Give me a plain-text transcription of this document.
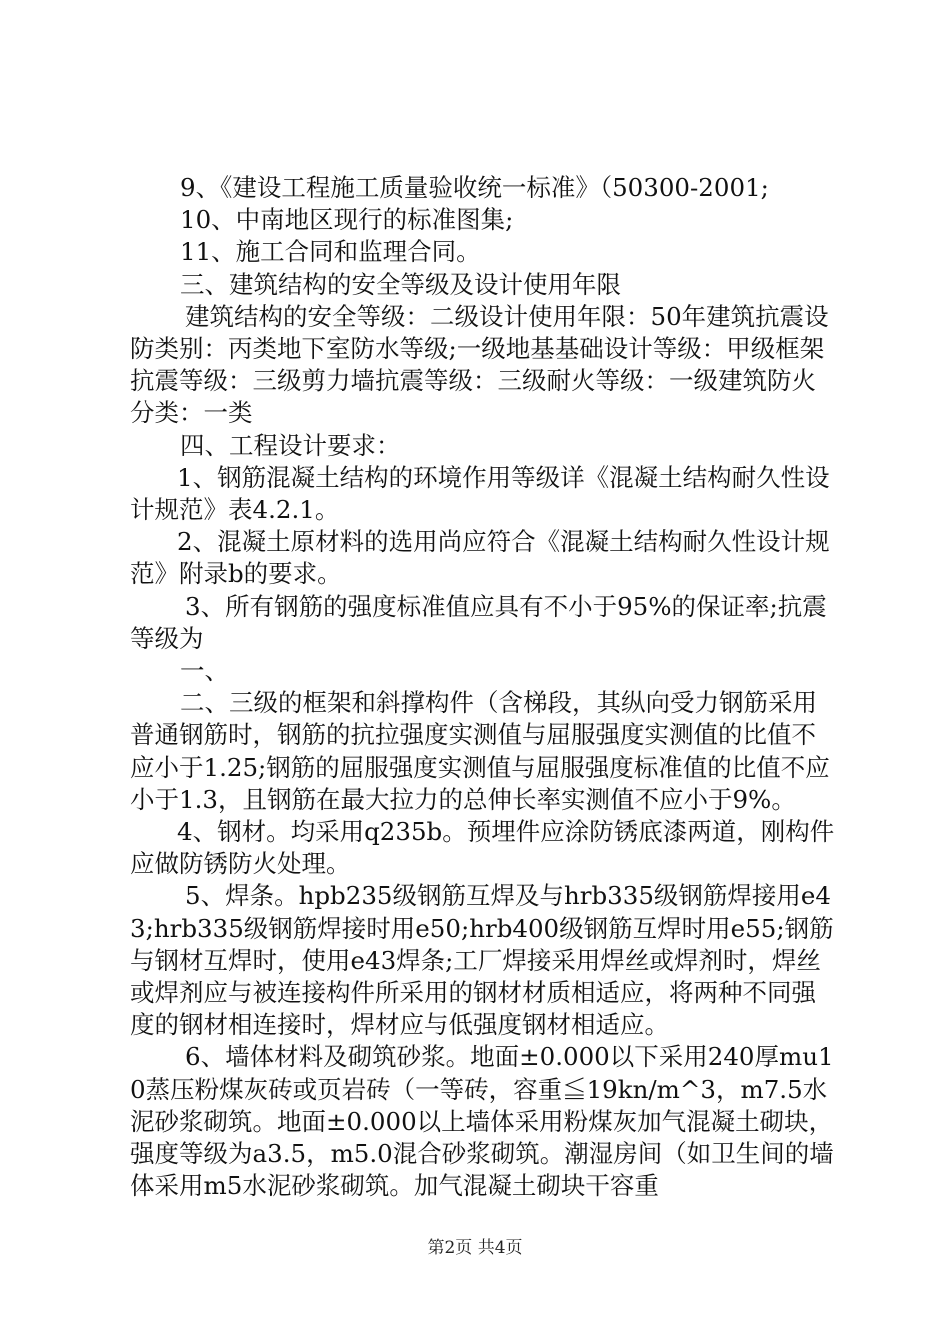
9、《建设工程施工质量验收统一标准》（50300-2001;

10、中南地区现行的标准图集;

11、施工合同和监理合同。

三、建筑结构的安全等级及设计使用年限

建筑结构的安全等级：二级设计使用年限：50年建筑抗震设防类别：丙类地下室防水等级;一级地基基础设计等级：甲级框架抗震等级：三级剪力墙抗震等级：三级耐火等级：一级建筑防火分类：一类

四、工程设计要求：

1、钢筋混凝土结构的环境作用等级详《混凝土结构耐久性设计规范》表4.2.1。

2、混凝土原材料的选用尚应符合《混凝土结构耐久性设计规范》附录b的要求。

3、所有钢筋的强度标准值应具有不小于95%的保证率;抗震等级为

一、

二、三级的框架和斜撑构件（含梯段，其纵向受力钢筋采用普通钢筋时，钢筋的抗拉强度实测值与屈服强度实测值的比值不应小于1.25;钢筋的屈服强度实测值与屈服强度标准值的比值不应小于1.3，且钢筋在最大拉力的总伸长率实测值不应小于9%。

4、钢材。均采用q235b。预埋件应涂防锈底漆两道，刚构件应做防锈防火处理。

5、焊条。hpb235级钢筋互焊及与hrb335级钢筋焊接用e43;hrb335级钢筋焊接时用e50;hrb400级钢筋互焊时用e55;钢筋与钢材互焊时，使用e43焊条;工厂焊接采用焊丝或焊剂时，焊丝或焊剂应与被连接构件所采用的钢材材质相适应，将两种不同强度的钢材相连接时，焊材应与低强度钢材相适应。

6、墙体材料及砌筑砂浆。地面±0.000以下采用240厚mu10蒸压粉煤灰砖或页岩砖（一等砖，容重≦19kn/m^3，m7.5水泥砂浆砌筑。地面±0.000以上墙体采用粉煤灰加气混凝土砌块，强度等级为a3.5，m5.0混合砂浆砌筑。潮湿房间（如卫生间的墙体采用m5水泥砂浆砌筑。加气混凝土砌块干容重

第2页 共4页
